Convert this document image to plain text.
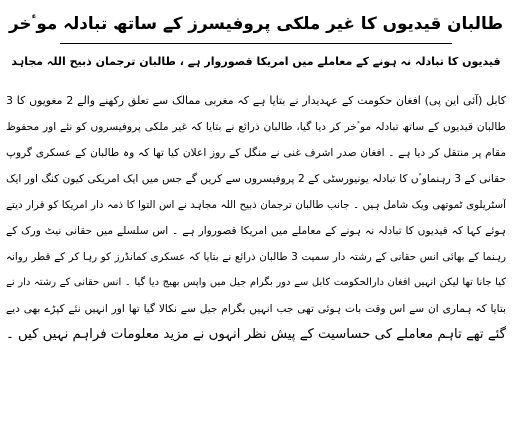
طالبان قیدیوں کا غیر ملکی پروفیسرز کے ساتھ تبادلہ موٴخر
قیدیوں کا تبادلہ نہ ہونے کے معاملے میں امریکا قصوروار ہے ، طالبان ترجمان ذبیح اللہ مجاہد
کابل (آئی این پی) افغان حکومت کے عہدیدار نے بتایا ہے کہ مغربی ممالک سے تعلق رکھنے والے 2 مغویوں کا 3
طالبان قیدیوں کے ساتھ تبادلہ موٴخر کر دیا گیا، طالبان ذرائع نے بتایا کہ غیر ملکی پروفیسروں کو نئے اور محفوظ
مقام پر منتقل کر دیا ہے ۔ افغان صدر اشرف غنی نے منگل کے روز اعلان کیا تھا کہ وہ طالبان کے عسکری گروپ
حقانی کے 3 رہنماوٴں کا تبادلہ یونیورسٹی کے 2 پروفیسروں سے کریں گے جس میں ایک امریکی کیون کنگ اور ایک
آسٹریلوی ٹموتھی ویک شامل ہیں ۔ جانب طالبان ترجمان ذبیح اللہ مجاہد نے اس التوا کا ذمہ دار امریکا کو قرار دیتے
ہوئے کہا کہ قیدیوں کا تبادلہ نہ ہونے کے معاملے میں امریکا قصوروار ہے ۔ اس سلسلے میں حقانی نیٹ ورک کے
رہنما کے بھائی انس حقانی کے رشتہ دار سمیت 3 طالبان ذرائع نے بتایا کہ عسکری کمانڈرز کو رہا کر کے قطر روانہ
کیا جانا تھا لیکن انہیں افغان دارالحکومت کابل سے دور بگرام جیل میں واپس بھیج دیا گیا ۔ انس حقانی کے رشتہ دار نے
بتایا کہ ہماری ان سے اس وقت بات ہوئی تھی جب انہیں بگرام جیل سے نکالا گیا تھا اور انہیں نئے کپڑے بھی دیے
گئے تھے تاہم معاملے کی حساسیت کے پیش نظر انہوں نے مزید معلومات فراہم نہیں کیں ۔
